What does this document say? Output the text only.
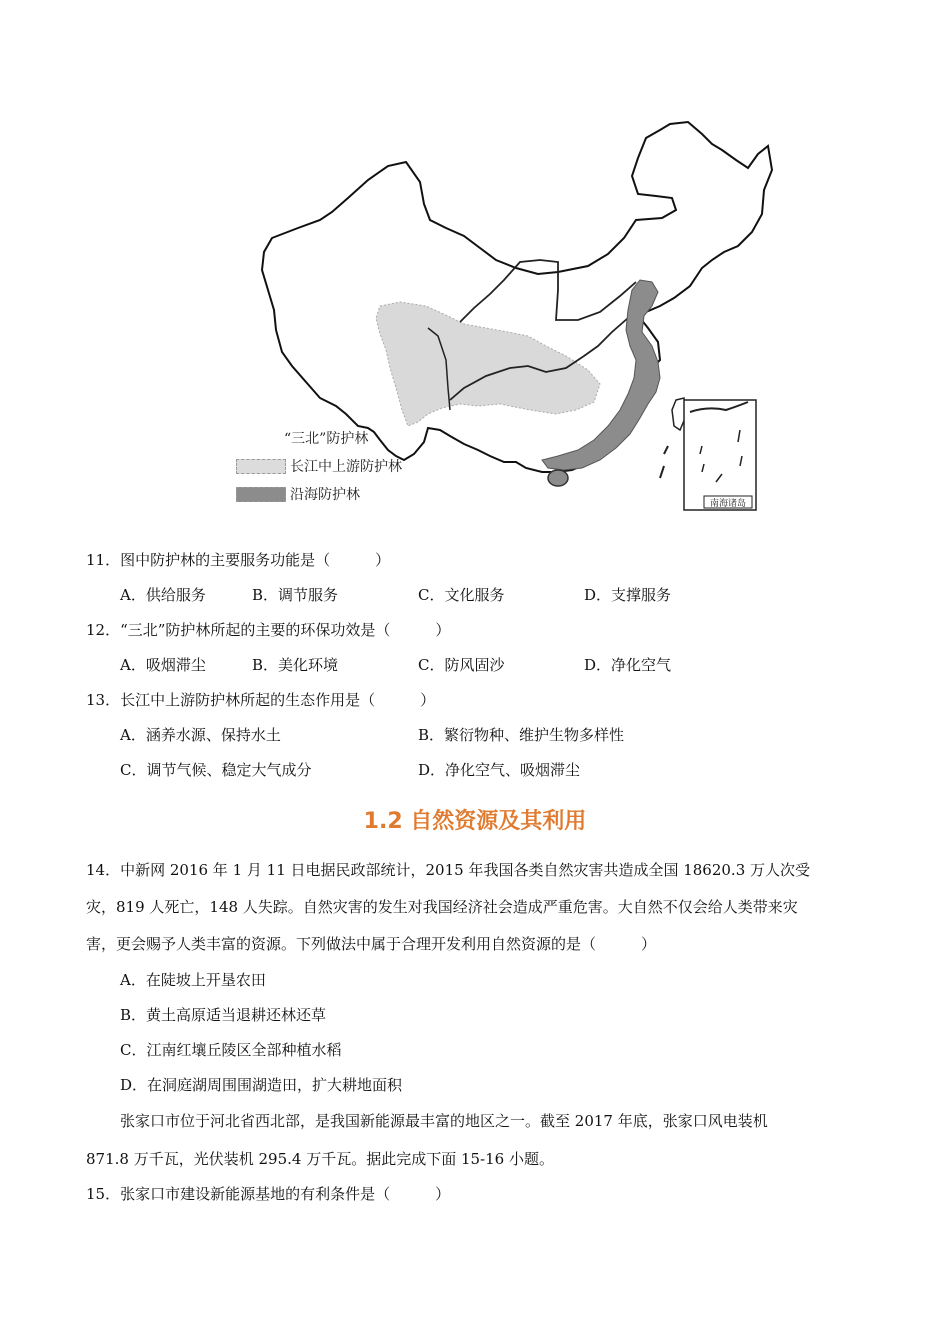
南海诸岛
“三北”防护林
长江中上游防护林
沿海防护林
11．图中防护林的主要服务功能是（　　　）
A．供给服务	B．调节服务	C．文化服务	D．支撑服务
12．“三北”防护林所起的主要的环保功效是（　　　）
A．吸烟滞尘	B．美化环境	C．防风固沙	D．净化空气
13．长江中上游防护林所起的生态作用是（　　　）
A．涵养水源、保持水土	B．繁衍物种、维护生物多样性
C．调节气候、稳定大气成分	D．净化空气、吸烟滞尘
1.2 自然资源及其利用
14．中新网 2016 年 1 月 11 日电据民政部统计，2015 年我国各类自然灾害共造成全国 18620.3 万人次受
灾，819 人死亡，148 人失踪。自然灾害的发生对我国经济社会造成严重危害。大自然不仅会给人类带来灾
害，更会赐予人类丰富的资源。下列做法中属于合理开发利用自然资源的是（　　　）
A．在陡坡上开垦农田
B．黄土高原适当退耕还林还草
C．江南红壤丘陵区全部种植水稻
D．在洞庭湖周围围湖造田，扩大耕地面积
张家口市位于河北省西北部，是我国新能源最丰富的地区之一。截至 2017 年底，张家口风电装机
871.8 万千瓦，光伏装机 295.4 万千瓦。据此完成下面 15-16 小题。
15．张家口市建设新能源基地的有利条件是（　　　）
